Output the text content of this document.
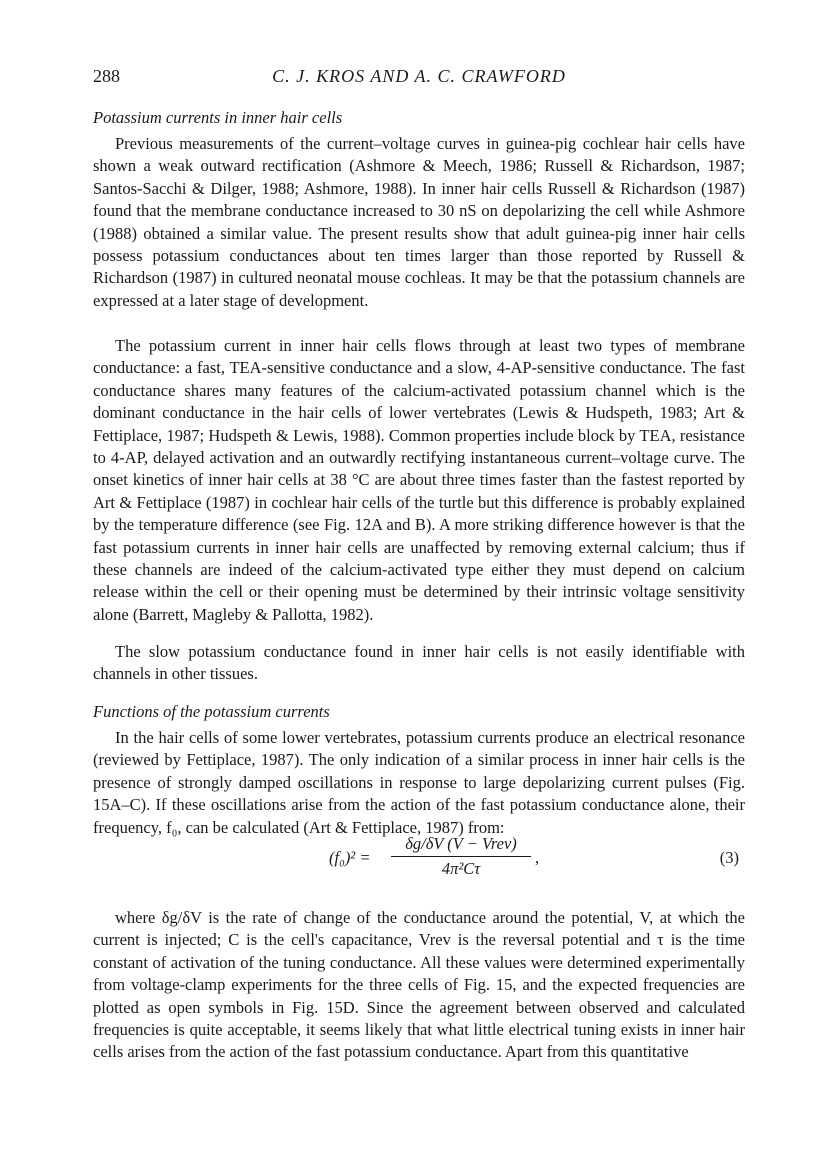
288	C. J. KROS AND A. C. CRAWFORD
Potassium currents in inner hair cells

Previous measurements of the current–voltage curves in guinea-pig cochlear hair cells have shown a weak outward rectification (Ashmore & Meech, 1986; Russell & Richardson, 1987; Santos-Sacchi & Dilger, 1988; Ashmore, 1988). In inner hair cells Russell & Richardson (1987) found that the membrane conductance increased to 30 nS on depolarizing the cell while Ashmore (1988) obtained a similar value. The present results show that adult guinea-pig inner hair cells possess potassium conductances about ten times larger than those reported by Russell & Richardson (1987) in cultured neonatal mouse cochleas. It may be that the potassium channels are expressed at a later stage of development.

The potassium current in inner hair cells flows through at least two types of membrane conductance: a fast, TEA-sensitive conductance and a slow, 4-AP-sensitive conductance. The fast conductance shares many features of the calcium-activated potassium channel which is the dominant conductance in the hair cells of lower vertebrates (Lewis & Hudspeth, 1983; Art & Fettiplace, 1987; Hudspeth & Lewis, 1988). Common properties include block by TEA, resistance to 4-AP, delayed activation and an outwardly rectifying instantaneous current–voltage curve. The onset kinetics of inner hair cells at 38 °C are about three times faster than the fastest reported by Art & Fettiplace (1987) in cochlear hair cells of the turtle but this difference is probably explained by the temperature difference (see Fig. 12A and B). A more striking difference however is that the fast potassium currents in inner hair cells are unaffected by removing external calcium; thus if these channels are indeed of the calcium-activated type either they must depend on calcium release within the cell or their opening must be determined by their intrinsic voltage sensitivity alone (Barrett, Magleby & Pallotta, 1982).

The slow potassium conductance found in inner hair cells is not easily identifiable with channels in other tissues.

Functions of the potassium currents

In the hair cells of some lower vertebrates, potassium currents produce an electrical resonance (reviewed by Fettiplace, 1987). The only indication of a similar process in inner hair cells is the presence of strongly damped oscillations in response to large depolarizing current pulses (Fig. 15A–C). If these oscillations arise from the action of the fast potassium conductance alone, their frequency, f₀, can be calculated (Art & Fettiplace, 1987) from:

(f₀)² =
δg/δV (V − Vrev)
4π²Cτ
,	(3)

where δg/δV is the rate of change of the conductance around the potential, V, at which the current is injected; C is the cell's capacitance, Vrev is the reversal potential and τ is the time constant of activation of the tuning conductance. All these values were determined experimentally from voltage-clamp experiments for the three cells of Fig. 15, and the expected frequencies are plotted as open symbols in Fig. 15D. Since the agreement between observed and calculated frequencies is quite acceptable, it seems likely that what little electrical tuning exists in inner hair cells arises from the action of the fast potassium conductance. Apart from this quantitative
